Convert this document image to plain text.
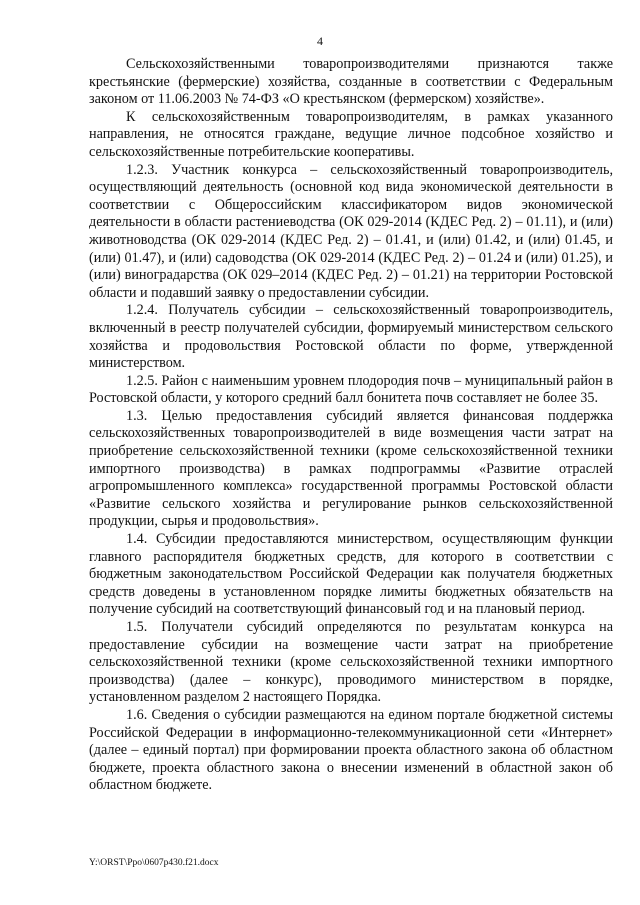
4

Сельскохозяйственными товаропроизводителями признаются также крестьянские (фермерские) хозяйства, созданные в соответствии с Федеральным законом от 11.06.2003 № 74-ФЗ «О крестьянском (фермерском) хозяйстве».

К сельскохозяйственным товаропроизводителям, в рамках указанного направления, не относятся граждане, ведущие личное подсобное хозяйство и сельскохозяйственные потребительские кооперативы.

1.2.3. Участник конкурса – сельскохозяйственный товаропроизводитель, осуществляющий деятельность (основной код вида экономической деятельности в соответствии с Общероссийским классификатором видов экономической деятельности в области растениеводства (ОК 029-2014 (КДЕС Ред. 2) – 01.11), и (или) животноводства (ОК 029-2014 (КДЕС Ред. 2) – 01.41, и (или) 01.42, и (или) 01.45, и (или) 01.47), и (или) садоводства (ОК 029-2014 (КДЕС Ред. 2) – 01.24 и (или) 01.25), и (или) виноградарства (ОК 029–2014 (КДЕС Ред. 2) – 01.21) на территории Ростовской области и подавший заявку о предоставлении субсидии.

1.2.4. Получатель субсидии – сельскохозяйственный товаропроизводитель, включенный в реестр получателей субсидии, формируемый министерством сельского хозяйства и продовольствия Ростовской области по форме, утвержденной министерством.

1.2.5. Район с наименьшим уровнем плодородия почв – муниципальный район в Ростовской области, у которого средний балл бонитета почв составляет не более 35.

1.3. Целью предоставления субсидий является финансовая поддержка сельскохозяйственных товаропроизводителей в виде возмещения части затрат на приобретение сельскохозяйственной техники (кроме сельскохозяйственной техники импортного производства) в рамках подпрограммы «Развитие отраслей агропромышленного комплекса» государственной программы Ростовской области «Развитие сельского хозяйства и регулирование рынков сельскохозяйственной продукции, сырья и продовольствия».

1.4. Субсидии предоставляются министерством, осуществляющим функции главного распорядителя бюджетных средств, для которого в соответствии с бюджетным законодательством Российской Федерации как получателя бюджетных средств доведены в установленном порядке лимиты бюджетных обязательств на получение субсидий на соответствующий финансовый год и на плановый период.

1.5. Получатели субсидий определяются по результатам конкурса на предоставление субсидии на возмещение части затрат на приобретение сельскохозяйственной техники (кроме сельскохозяйственной техники импортного производства) (далее – конкурс), проводимого министерством в порядке, установленном разделом 2 настоящего Порядка.

1.6. Сведения о субсидии размещаются на едином портале бюджетной системы Российской Федерации в информационно-телекоммуникационной сети «Интернет» (далее – единый портал) при формировании проекта областного закона об областном бюджете, проекта областного закона о внесении изменений в областной закон об областном бюджете.

Y:\ORST\Ppo\0607p430.f21.docx
